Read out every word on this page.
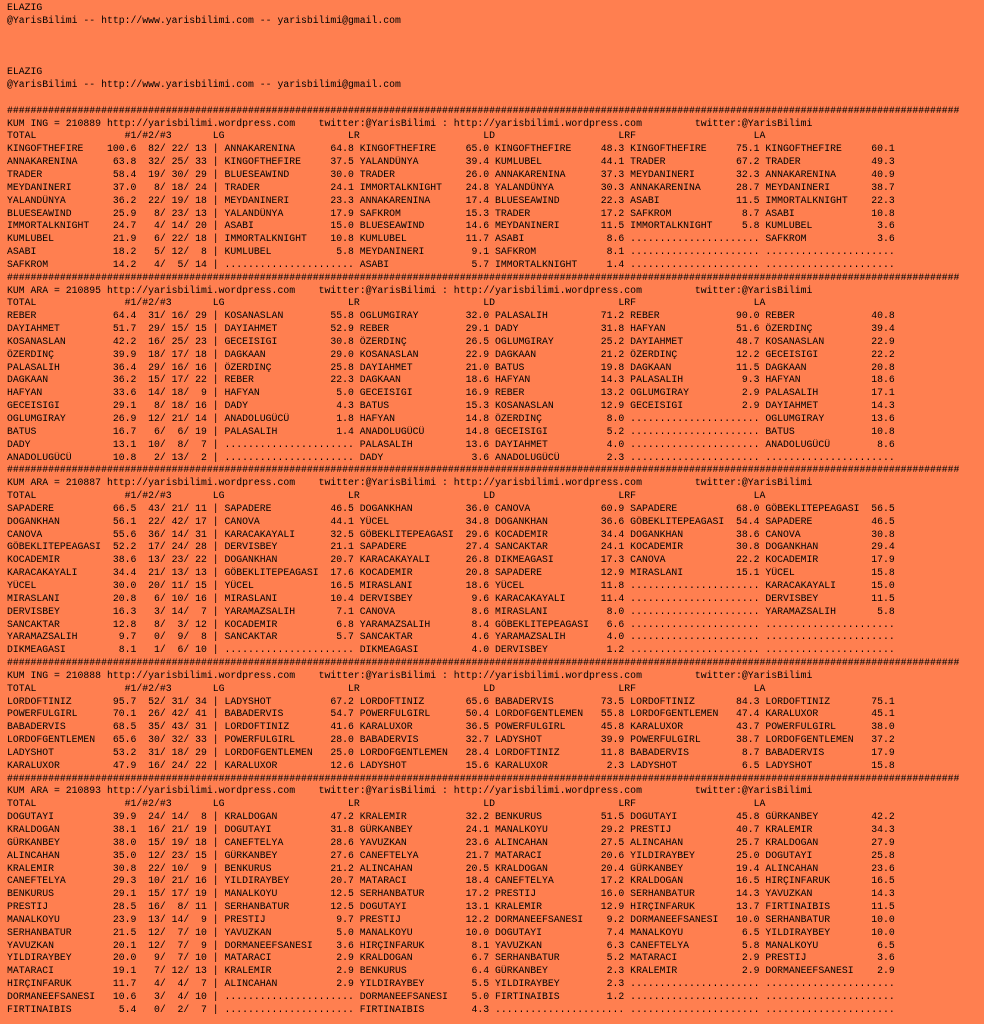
ELAZIG
@YarisBilimi -- http://www.yarisbilimi.com -- yarisbilimi@gmail.com
ELAZIG
@YarisBilimi -- http://www.yarisbilimi.com -- yarisbilimi@gmail.com
##################################################################################################################################################################
KUM ING = 210889 http://yarisbilimi.wordpress.com    twitter:@YarisBilimi : http://yarisbilimi.wordpress.com         twitter:@YarisBilimi
TOTAL               #1/#2/#3       LG                     LR                     LD                     LRF                    LA
KINGOFTHEFIRE    100.6  82/ 22/ 13 | ANNAKARENINA      64.8 KINGOFTHEFIRE     65.0 KINGOFTHEFIRE     48.3 KINGOFTHEFIRE     75.1 KINGOFTHEFIRE     60.1
ANNAKARENINA      63.8  32/ 25/ 33 | KINGOFTHEFIRE     37.5 YALANDÜNYA        39.4 KUMLUBEL          44.1 TRADER            67.2 TRADER            49.3
TRADER            58.4  19/ 30/ 29 | BLUESEAWIND       30.0 TRADER            26.0 ANNAKARENINA      37.3 MEYDANINERI       32.3 ANNAKARENINA      40.9
MEYDANINERI       37.0   8/ 18/ 24 | TRADER            24.1 IMMORTALKNIGHT    24.8 YALANDÜNYA        30.3 ANNAKARENINA      28.7 MEYDANINERI       38.7
YALANDÜNYA        36.2  22/ 19/ 18 | MEYDANINERI       23.3 ANNAKARENINA      17.4 BLUESEAWIND       22.3 ASABI             11.5 IMMORTALKNIGHT    22.3
BLUESEAWIND       25.9   8/ 23/ 13 | YALANDÜNYA        17.9 SAFKROM           15.3 TRADER            17.2 SAFKROM            8.7 ASABI             10.8
IMMORTALKNIGHT    24.7   4/ 14/ 20 | ASABI             15.0 BLUESEAWIND       14.6 MEYDANINERI       11.5 IMMORTALKNIGHT     5.8 KUMLUBEL           3.6
KUMLUBEL          21.9   6/ 22/ 18 | IMMORTALKNIGHT    10.8 KUMLUBEL          11.7 ASABI              8.6 ...................... SAFKROM            3.6
ASABI             18.2   5/ 12/  8 | KUMLUBEL           5.8 MEYDANINERI        9.1 SAFKROM            8.1 ...................... ......................
SAFKROM           14.2   4/  5/ 14 | ...................... ASABI              5.7 IMMORTALKNIGHT     1.4 ...................... ......................
##################################################################################################################################################################
KUM ARA = 210895 http://yarisbilimi.wordpress.com    twitter:@YarisBilimi : http://yarisbilimi.wordpress.com         twitter:@YarisBilimi
TOTAL               #1/#2/#3       LG                     LR                     LD                     LRF                    LA
REBER             64.4  31/ 16/ 29 | KOSANASLAN        55.8 OGLUMGIRAY        32.0 PALASALIH         71.2 REBER             90.0 REBER             40.8
DAYIAHMET         51.7  29/ 15/ 15 | DAYIAHMET         52.9 REBER             29.1 DADY              31.8 HAFYAN            51.6 ÖZERDINÇ          39.4
KOSANASLAN        42.2  16/ 25/ 23 | GECEISIGI         30.8 ÖZERDINÇ          26.5 OGLUMGIRAY        25.2 DAYIAHMET         48.7 KOSANASLAN        22.9
ÖZERDINÇ          39.9  18/ 17/ 18 | DAGKAAN           29.0 KOSANASLAN        22.9 DAGKAAN           21.2 ÖZERDINÇ          12.2 GECEISIGI         22.2
PALASALIH         36.4  29/ 16/ 16 | ÖZERDINÇ          25.8 DAYIAHMET         21.0 BATUS             19.8 DAGKAAN           11.5 DAGKAAN           20.8
DAGKAAN           36.2  15/ 17/ 22 | REBER             22.3 DAGKAAN           18.6 HAFYAN            14.3 PALASALIH          9.3 HAFYAN            18.6
HAFYAN            33.6  14/ 18/  9 | HAFYAN             5.0 GECEISIGI         16.9 REBER             13.2 OGLUMGIRAY         2.9 PALASALIH         17.1
GECEISIGI         29.1   8/ 18/ 16 | DADY               4.3 BATUS             15.3 KOSANASLAN        12.9 GECEISIGI          2.9 DAYIAHMET         14.3
OGLUMGIRAY        26.9  12/ 21/ 14 | ANADOLUGÜCÜ        1.8 HAFYAN            14.8 ÖZERDINÇ           8.0 ...................... OGLUMGIRAY        13.6
BATUS             16.7   6/  6/ 19 | PALASALIH          1.4 ANADOLUGÜCÜ       14.8 GECEISIGI          5.2 ...................... BATUS             10.8
DADY              13.1  10/  8/  7 | ...................... PALASALIH         13.6 DAYIAHMET          4.0 ...................... ANADOLUGÜCÜ        8.6
ANADOLUGÜCÜ       10.8   2/ 13/  2 | ...................... DADY               3.6 ANADOLUGÜCÜ        2.3 ...................... ......................
##################################################################################################################################################################
KUM ARA = 210887 http://yarisbilimi.wordpress.com    twitter:@YarisBilimi : http://yarisbilimi.wordpress.com         twitter:@YarisBilimi
TOTAL               #1/#2/#3       LG                     LR                     LD                     LRF                    LA
SAPADERE          66.5  43/ 21/ 11 | SAPADERE          46.5 DOGANKHAN         36.0 CANOVA            60.9 SAPADERE          68.0 GÖBEKLITEPEAGASI  56.5
DOGANKHAN         56.1  22/ 42/ 17 | CANOVA            44.1 YÜCEL             34.8 DOGANKHAN         36.6 GÖBEKLITEPEAGASI  54.4 SAPADERE          46.5
CANOVA            55.6  36/ 14/ 31 | KARACAKAYALI      32.5 GÖBEKLITEPEAGASI  29.6 KOCADEMIR         34.4 DOGANKHAN         38.6 CANOVA            30.8
GÖBEKLITEPEAGASI  52.2  17/ 24/ 28 | DERVISBEY         21.1 SAPADERE          27.4 SANCAKTAR         24.1 KOCADEMIR         30.8 DOGANKHAN         29.4
KOCADEMIR         38.6  13/ 23/ 22 | DOGANKHAN         20.7 KARACAKAYALI      26.8 DIKMEAGASI        17.3 CANOVA            22.2 KOCADEMIR         17.9
KARACAKAYALI      34.4  21/ 13/ 13 | GÖBEKLITEPEAGASI  17.6 KOCADEMIR         20.8 SAPADERE          12.9 MIRASLANI         15.1 YÜCEL             15.8
YÜCEL             30.0  20/ 11/ 15 | YÜCEL             16.5 MIRASLANI         18.6 YÜCEL             11.8 ...................... KARACAKAYALI      15.0
MIRASLANI         20.8   6/ 10/ 16 | MIRASLANI         10.4 DERVISBEY          9.6 KARACAKAYALI      11.4 ...................... DERVISBEY         11.5
DERVISBEY         16.3   3/ 14/  7 | YARAMAZSALIH       7.1 CANOVA             8.6 MIRASLANI          8.0 ...................... YARAMAZSALIH       5.8
SANCAKTAR         12.8   8/  3/ 12 | KOCADEMIR          6.8 YARAMAZSALIH       8.4 GÖBEKLITEPEAGASI   6.6 ...................... ......................
YARAMAZSALIH       9.7   0/  9/  8 | SANCAKTAR          5.7 SANCAKTAR          4.6 YARAMAZSALIH       4.0 ...................... ......................
DIKMEAGASI         8.1   1/  6/ 10 | ...................... DIKMEAGASI         4.0 DERVISBEY          1.2 ...................... ......................
##################################################################################################################################################################
KUM ING = 210888 http://yarisbilimi.wordpress.com    twitter:@YarisBilimi : http://yarisbilimi.wordpress.com         twitter:@YarisBilimi
TOTAL               #1/#2/#3       LG                     LR                     LD                     LRF                    LA
LORDOFTINIZ       95.7  52/ 31/ 34 | LADYSHOT          67.2 LORDOFTINIZ       65.6 BABADERVIS        73.5 LORDOFTINIZ       84.3 LORDOFTINIZ       75.1
POWERFULGIRL      70.1  26/ 42/ 41 | BABADERVIS        54.7 POWERFULGIRL      50.4 LORDOFGENTLEMEN   55.8 LORDOFGENTLEMEN   47.4 KARALUXOR         45.1
BABADERVIS        68.5  35/ 43/ 31 | LORDOFTINIZ       41.6 KARALUXOR         36.5 POWERFULGIRL      45.8 KARALUXOR         43.7 POWERFULGIRL      38.0
LORDOFGENTLEMEN   65.6  30/ 32/ 33 | POWERFULGIRL      28.0 BABADERVIS        32.7 LADYSHOT          39.9 POWERFULGIRL      38.7 LORDOFGENTLEMEN   37.2
LADYSHOT          53.2  31/ 18/ 29 | LORDOFGENTLEMEN   25.0 LORDOFGENTLEMEN   28.4 LORDOFTINIZ       11.8 BABADERVIS         8.7 BABADERVIS        17.9
KARALUXOR         47.9  16/ 24/ 22 | KARALUXOR         12.6 LADYSHOT          15.6 KARALUXOR          2.3 LADYSHOT           6.5 LADYSHOT          15.8
##################################################################################################################################################################
KUM ARA = 210893 http://yarisbilimi.wordpress.com    twitter:@YarisBilimi : http://yarisbilimi.wordpress.com         twitter:@YarisBilimi
TOTAL               #1/#2/#3       LG                     LR                     LD                     LRF                    LA
DOGUTAYI          39.9  24/ 14/  8 | KRALDOGAN         47.2 KRALEMIR          32.2 BENKURUS          51.5 DOGUTAYI          45.8 GÜRKANBEY         42.2
KRALDOGAN         38.1  16/ 21/ 19 | DOGUTAYI          31.8 GÜRKANBEY         24.1 MANALKOYU         29.2 PRESTIJ           40.7 KRALEMIR          34.3
GÜRKANBEY         38.0  15/ 19/ 18 | CANEFTELYA        28.6 YAVUZKAN          23.6 ALINCAHAN         27.5 ALINCAHAN         25.7 KRALDOGAN         27.9
ALINCAHAN         35.0  12/ 23/ 15 | GÜRKANBEY         27.6 CANEFTELYA        21.7 MATARACI          20.6 YILDIRAYBEY       25.0 DOGUTAYI          25.8
KRALEMIR          30.8  22/ 10/  9 | BENKURUS          21.2 ALINCAHAN         20.5 KRALDOGAN         20.4 GÜRKANBEY         19.4 ALINCAHAN         23.6
CANEFTELYA        29.3  10/ 21/ 16 | YILDIRAYBEY       20.7 MATARACI          18.4 CANEFTELYA        17.2 KRALDOGAN         16.5 HIRÇINFARUK       16.5
BENKURUS          29.1  15/ 17/ 19 | MANALKOYU         12.5 SERHANBATUR       17.2 PRESTIJ           16.0 SERHANBATUR       14.3 YAVUZKAN          14.3
PRESTIJ           28.5  16/  8/ 11 | SERHANBATUR       12.5 DOGUTAYI          13.1 KRALEMIR          12.9 HIRÇINFARUK       13.7 FIRTINAIBIS       11.5
MANALKOYU         23.9  13/ 14/  9 | PRESTIJ            9.7 PRESTIJ           12.2 DORMANEEFSANESI    9.2 DORMANEEFSANESI   10.0 SERHANBATUR       10.0
SERHANBATUR       21.5  12/  7/ 10 | YAVUZKAN           5.0 MANALKOYU         10.0 DOGUTAYI           7.4 MANALKOYU          6.5 YILDIRAYBEY       10.0
YAVUZKAN          20.1  12/  7/  9 | DORMANEEFSANESI    3.6 HIRÇINFARUK        8.1 YAVUZKAN           6.3 CANEFTELYA         5.8 MANALKOYU          6.5
YILDIRAYBEY       20.0   9/  7/ 10 | MATARACI           2.9 KRALDOGAN          6.7 SERHANBATUR        5.2 MATARACI           2.9 PRESTIJ            3.6
MATARACI          19.1   7/ 12/ 13 | KRALEMIR           2.9 BENKURUS           6.4 GÜRKANBEY          2.3 KRALEMIR           2.9 DORMANEEFSANESI    2.9
HIRÇINFARUK       11.7   4/  4/  7 | ALINCAHAN          2.9 YILDIRAYBEY        5.5 YILDIRAYBEY        2.3 ...................... ......................
DORMANEEFSANESI   10.6   3/  4/ 10 | ...................... DORMANEEFSANESI    5.0 FIRTINAIBIS        1.2 ...................... ......................
FIRTINAIBIS        5.4   0/  2/  7 | ...................... FIRTINAIBIS        4.3 ...................... ...................... ......................
